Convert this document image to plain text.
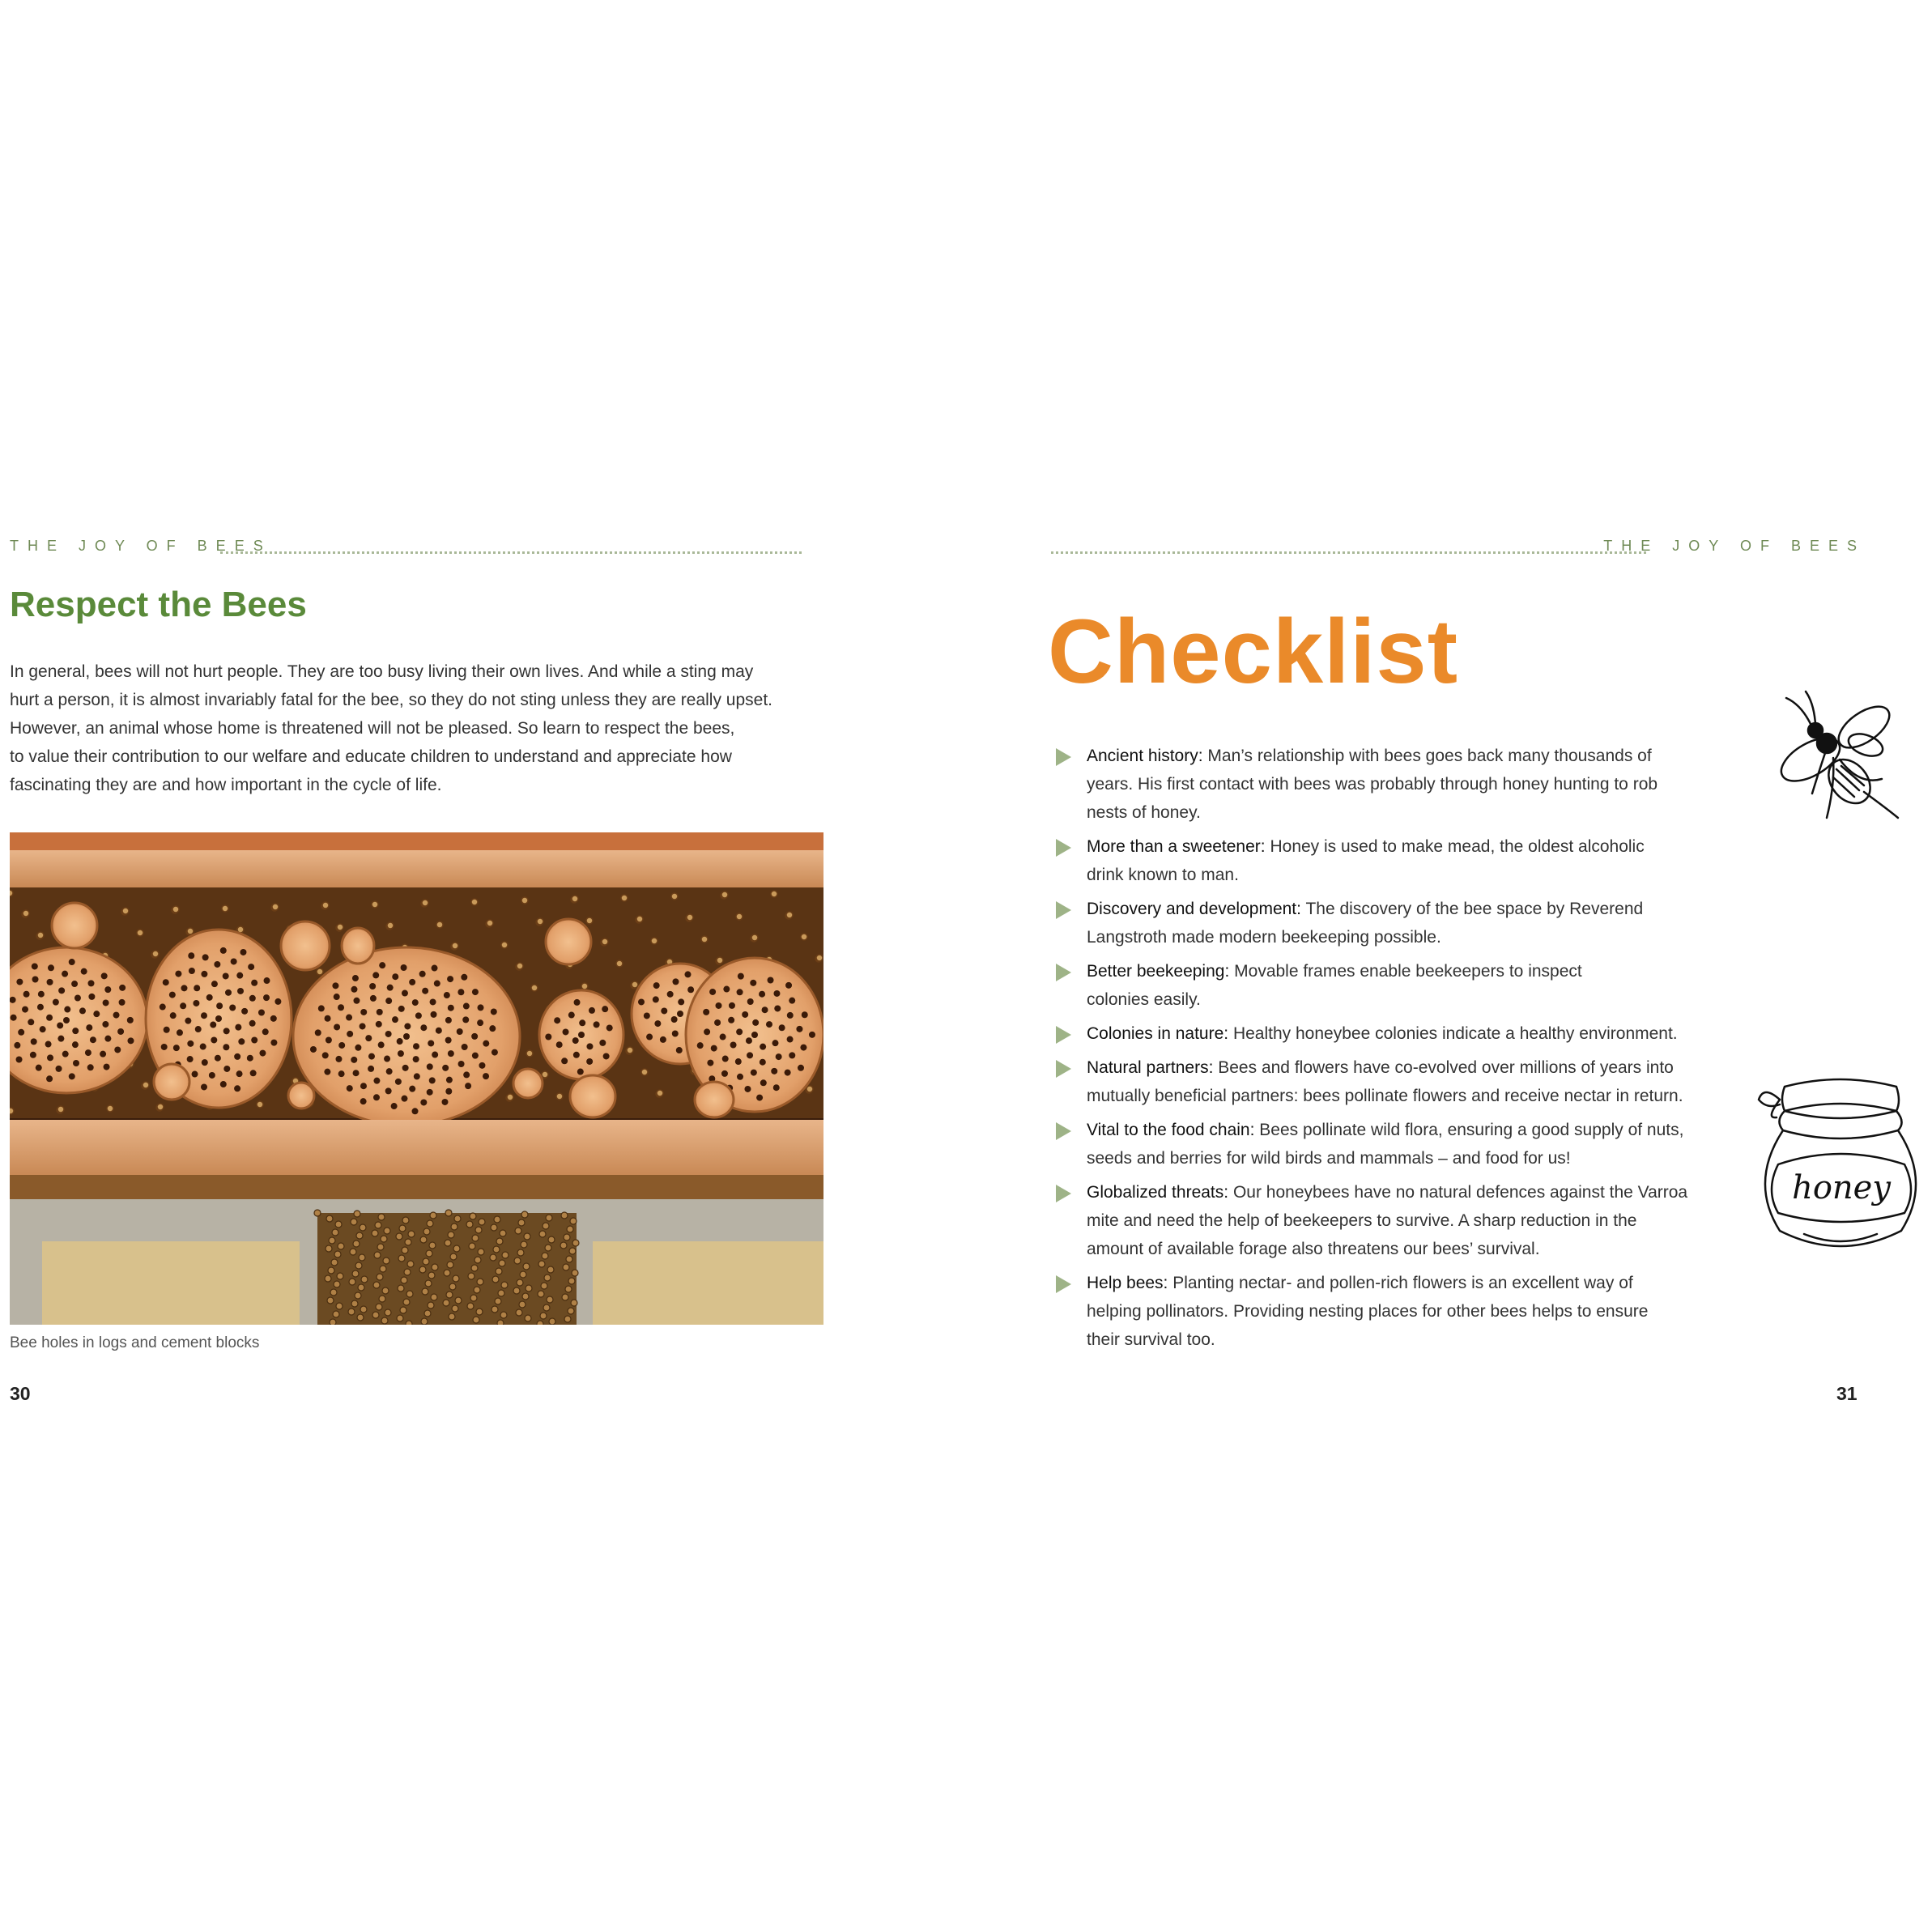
THE JOY OF BEES
Respect the Bees

In general, bees will not hurt people. They are too busy living their own lives. And while a sting may
hurt a person, it is almost invariably fatal for the bee, so they do not sting unless they are really upset.
However, an animal whose home is threatened will not be pleased. So learn to respect the bees,
to value their contribution to our welfare and educate children to understand and appreciate how
fascinating they are and how important in the cycle of life.

Bee holes in logs and cement blocks
30
THE JOY OF BEES
Checklist
Ancient history: Man’s relationship with bees goes back many thousands of
years. His first contact with bees was probably through honey hunting to rob
nests of honey.
More than a sweetener: Honey is used to make mead, the oldest alcoholic
drink known to man.
Discovery and development: The discovery of the bee space by Reverend
Langstroth made modern beekeeping possible.
Better beekeeping: Movable frames enable beekeepers to inspect
colonies easily.
Colonies in nature: Healthy honeybee colonies indicate a healthy environment.
Natural partners: Bees and flowers have co-evolved over millions of years into
mutually beneficial partners: bees pollinate flowers and receive nectar in return.
Vital to the food chain: Bees pollinate wild flora, ensuring a good supply of nuts,
seeds and berries for wild birds and mammals – and food for us!
Globalized threats: Our honeybees have no natural defences against the Varroa
mite and need the help of beekeepers to survive. A sharp reduction in the
amount of available forage also threatens our bees’ survival.
Help bees: Planting nectar- and pollen-rich flowers is an excellent way of
helping pollinators. Providing nesting places for other bees helps to ensure
their survival too.
honey
31
